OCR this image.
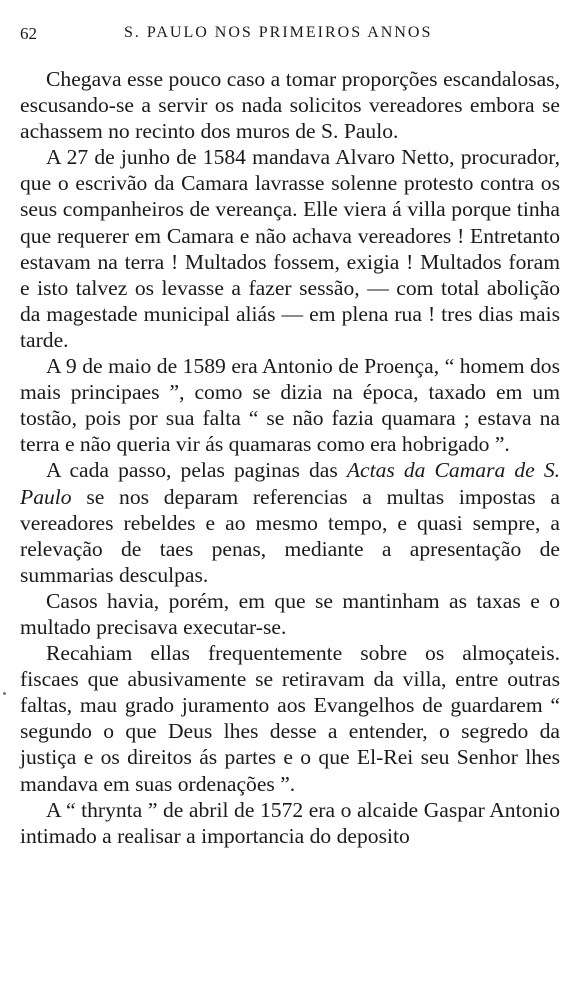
62	S. PAULO NOS PRIMEIROS ANNOS

Chegava esse pouco caso a tomar proporções escandalosas, escusando-se a servir os nada solicitos vereadores embora se achassem no recinto dos muros de S. Paulo.

A 27 de junho de 1584 mandava Alvaro Netto, procurador, que o escrivão da Camara lavrasse solenne protesto contra os seus companheiros de vereança. Elle viera á villa porque tinha que requerer em Camara e não achava vereadores ! Entretanto estavam na terra ! Multados fossem, exigia ! Multados foram e isto talvez os levasse a fazer sessão, — com total abolição da magestade municipal aliás — em plena rua ! tres dias mais tarde.

A 9 de maio de 1589 era Antonio de Proença, “ homem dos mais principaes ”, como se dizia na época, taxado em um tostão, pois por sua falta “ se não fazia quamara ; estava na terra e não queria vir ás quamaras como era hobrigado ”.

A cada passo, pelas paginas das Actas da Camara de S. Paulo se nos deparam referencias a multas impostas a vereadores rebeldes e ao mesmo tempo, e quasi sempre, a relevação de taes penas, mediante a apresentação de summarias desculpas.

Casos havia, porém, em que se mantinham as taxas e o multado precisava executar-se.

Recahiam ellas frequentemente sobre os almoçateis. fiscaes que abusivamente se retiravam da villa, entre outras faltas, mau grado juramento aos Evangelhos de guardarem “ segundo o que Deus lhes desse a entender, o segredo da justiça e os direitos ás partes e o que El-Rei seu Senhor lhes mandava em suas ordenações ”.

A “ thrynta ” de abril de 1572 era o alcaide Gaspar Antonio intimado a realisar a importancia do deposito
